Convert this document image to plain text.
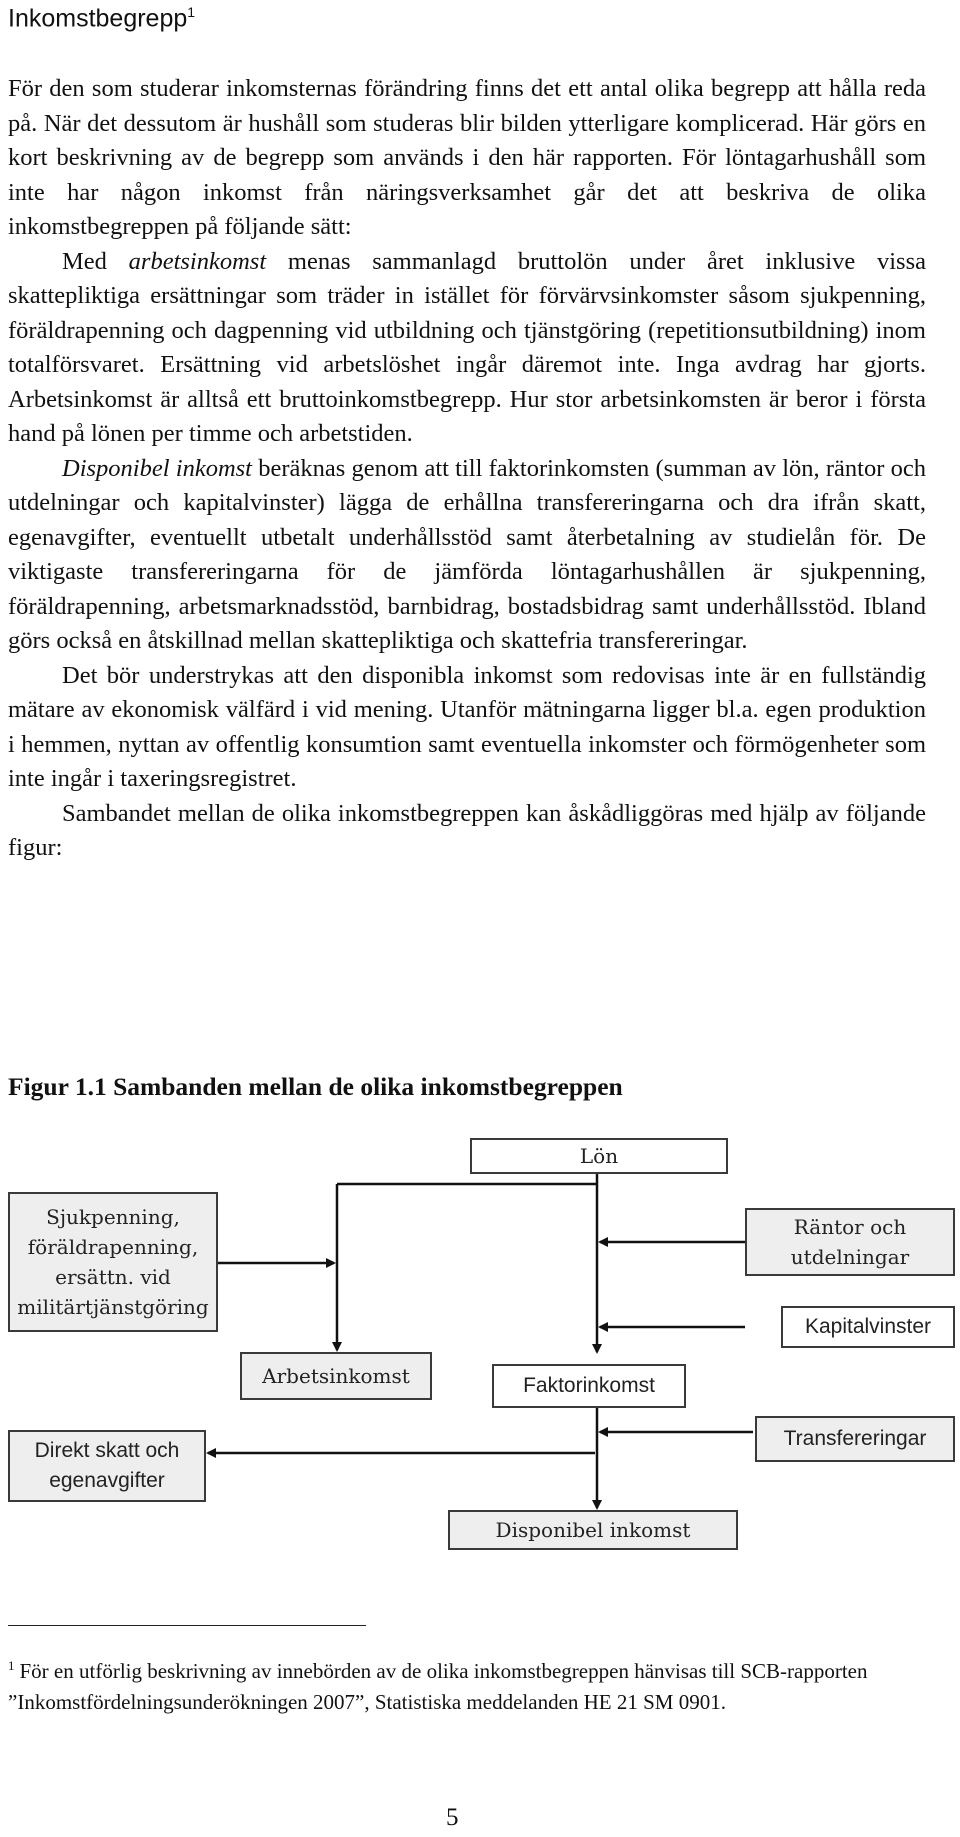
Inkomstbegrepp$^1$

För den som studerar inkomsternas förändring finns det ett antal olika begrepp att hålla reda på. När det dessutom är hushåll som studeras blir bilden ytterligare komplicerad. Här görs en kort beskrivning av de begrepp som används i den här rapporten. För löntagarhushåll som inte har någon inkomst från näringsverksamhet går det att beskriva de olika inkomstbegreppen på följande sätt:

Med arbetsinkomst menas sammanlagd bruttolön under året inklusive vissa skattepliktiga ersättningar som träder in istället för förvärvsinkomster såsom sjukpenning, föräldrapenning och dagpenning vid utbildning och tjänstgöring (repetitionsutbildning) inom totalförsvaret. Ersättning vid arbetslöshet ingår däremot inte. Inga avdrag har gjorts. Arbetsinkomst är alltså ett bruttoinkomstbegrepp. Hur stor arbetsinkomsten är beror i första hand på lönen per timme och arbetstiden.

Disponibel inkomst beräknas genom att till faktorinkomsten (summan av lön, räntor och utdelningar och kapitalvinster) lägga de erhållna transfereringarna och dra ifrån skatt, egenavgifter, eventuellt utbetalt underhållsstöd samt återbetalning av studielån för. De viktigaste transfereringarna för de jämförda löntagarhushållen är sjukpenning, föräldrapenning, arbetsmarknadsstöd, barnbidrag, bostadsbidrag samt underhållsstöd. Ibland görs också en åtskillnad mellan skattepliktiga och skattefria transfereringar.

Det bör understrykas att den disponibla inkomst som redovisas inte är en fullständig mätare av ekonomisk välfärd i vid mening. Utanför mätningarna ligger bl.a. egen produktion i hemmen, nyttan av offentlig konsumtion samt eventuella inkomster och förmögenheter som inte ingår i taxeringsregistret.

Sambandet mellan de olika inkomstbegreppen kan åskådliggöras med hjälp av följande figur:

Figur 1.1 Sambanden mellan de olika inkomstbegreppen
Lön
Sjukpenning, föräldrapenning, ersättn. vid militärtjänstgöring
Räntor och utdelningar
Kapitalvinster
Arbetsinkomst	Faktorinkomst
Direkt skatt och egenavgifter
Transfereringar
Disponibel inkomst
$^1$ För en utförlig beskrivning av innebörden av de olika inkomstbegreppen hänvisas till SCB-rapporten ”Inkomstfördelningsunderökningen 2007”, Statistiska meddelanden HE 21 SM 0901.
5
